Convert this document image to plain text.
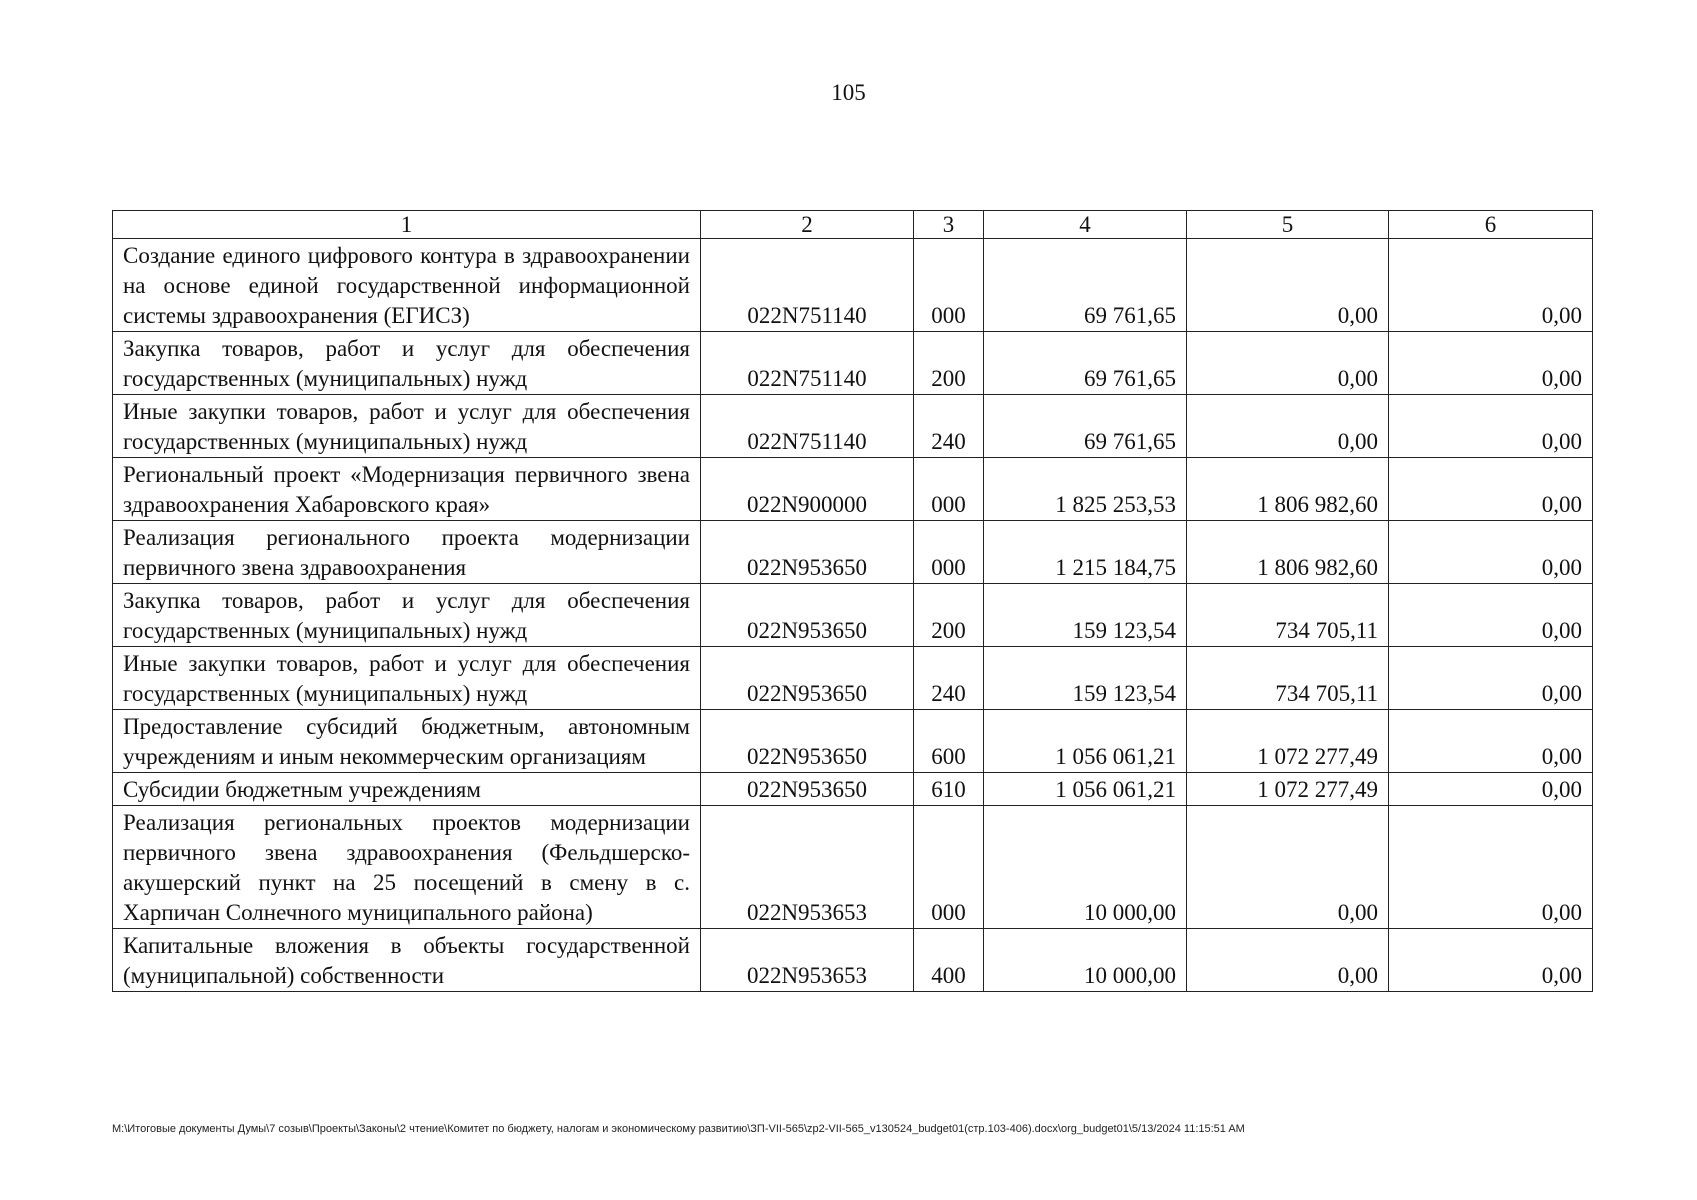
105
1	2	3	4	5	6
Создание единого цифрового контура в здравоохранении на основе единой государственной информационной системы здравоохранения (ЕГИСЗ)	022N751140	000	69 761,65	0,00	0,00
Закупка товаров, работ и услуг для обеспечения государственных (муниципальных) нужд	022N751140	200	69 761,65	0,00	0,00
Иные закупки товаров, работ и услуг для обеспечения государственных (муниципальных) нужд	022N751140	240	69 761,65	0,00	0,00
Региональный проект «Модернизация первичного звена здравоохранения Хабаровского края»	022N900000	000	1 825 253,53	1 806 982,60	0,00
Реализация регионального проекта модернизации первичного звена здравоохранения	022N953650	000	1 215 184,75	1 806 982,60	0,00
Закупка товаров, работ и услуг для обеспечения государственных (муниципальных) нужд	022N953650	200	159 123,54	734 705,11	0,00
Иные закупки товаров, работ и услуг для обеспечения государственных (муниципальных) нужд	022N953650	240	159 123,54	734 705,11	0,00
Предоставление субсидий бюджетным, автономным учреждениям и иным некоммерческим организациям	022N953650	600	1 056 061,21	1 072 277,49	0,00
Субсидии бюджетным учреждениям	022N953650	610	1 056 061,21	1 072 277,49	0,00
Реализация региональных проектов модернизации первичного звена здравоохранения (Фельдшерско-акушерский пункт на 25 посещений в смену в с. Харпичан Солнечного муниципального района)	022N953653	000	10 000,00	0,00	0,00
Капитальные вложения в объекты государственной (муниципальной) собственности	022N953653	400	10 000,00	0,00	0,00
M:\Итоговые документы Думы\7 созыв\Проекты\Законы\2 чтение\Комитет по бюджету, налогам и экономическому развитию\ЗП-VII-565\zp2-VII-565_v130524_budget01(стр.103-406).docx\org_budget01\5/13/2024 11:15:51 AM
